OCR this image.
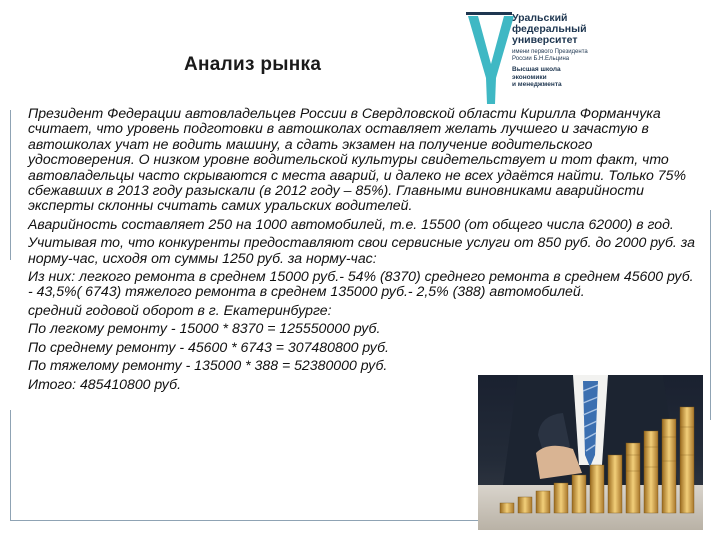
Анализ рынка
Уральский
федеральный
университет
имени первого Президента
России Б.Н.Ельцина
Высшая школа
экономики
и менеджмента

Президент Федерации автовладельцев России в Свердловской области Кирилла Форманчука считает, что уровень подготовки в автошколах оставляет желать лучшего и зачастую в автошколах учат не водить машину, а сдать экзамен на получение водительского удостоверения. О низком уровне водительской культуры свидетельствует и тот факт, что автовладельцы часто скрываются с места аварий, и далеко не всех удаётся найти. Только 75% сбежавших в 2013 году разыскали (в 2012 году – 85%). Главными виновниками аварийности эксперты склонны считать самих уральских водителей.

Аварийность составляет 250 на 1000 автомобилей, т.е. 15500 (от общего числа 62000) в год.

Учитывая то, что конкуренты предоставляют свои сервисные услуги от 850 руб. до 2000 руб. за норму-час, исходя от суммы 1250 руб. за норму-час:

Из них: легкого ремонта в среднем 15000 руб.- 54% (8370) среднего ремонта в среднем 45600 руб. - 43,5%( 6743) тяжелого ремонта в среднем 135000 руб.- 2,5% (388) автомобилей.

средний годовой оборот в г. Екатеринбурге:

По легкому ремонту - 15000 * 8370 = 125550000 руб.

По среднему ремонту - 45600 * 6743 = 307480800 руб.

По тяжелому ремонту - 135000 * 388 = 52380000 руб.

Итого: 485410800 руб.
